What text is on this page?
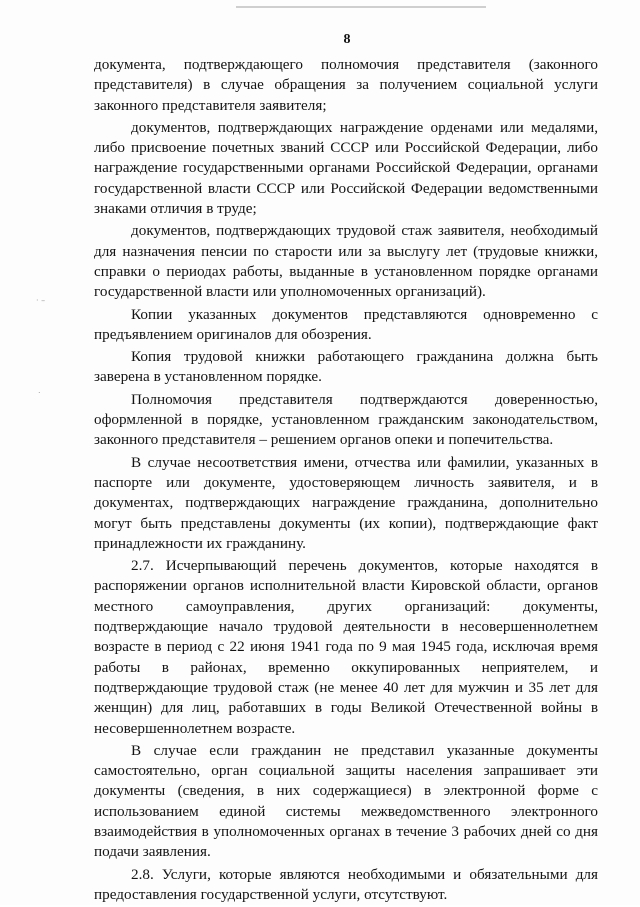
· –
.
8

документа, подтверждающего полномочия представителя (законного представителя) в случае обращения за получением социальной услуги законного представителя заявителя;

документов, подтверждающих награждение орденами или медалями, либо присвоение почетных званий СССР или Российской Федерации, либо награждение государственными органами Российской Федерации, органами государственной власти СССР или Российской Федерации ведомственными знаками отличия в труде;

документов, подтверждающих трудовой стаж заявителя, необходимый для назначения пенсии по старости или за выслугу лет (трудовые книжки, справки о периодах работы, выданные в установленном порядке органами государственной власти или уполномоченных организаций).

Копии указанных документов представляются одновременно с предъявлением оригиналов для обозрения.

Копия трудовой книжки работающего гражданина должна быть заверена в установленном порядке.

Полномочия представителя подтверждаются доверенностью, оформленной в порядке, установленном гражданским законодательством, законного представителя – решением органов опеки и попечительства.

В случае несоответствия имени, отчества или фамилии, указанных в паспорте или документе, удостоверяющем личность заявителя, и в документах, подтверждающих награждение гражданина, дополнительно могут быть представлены документы (их копии), подтверждающие факт принадлежности их гражданину.

2.7. Исчерпывающий перечень документов, которые находятся в распоряжении органов исполнительной власти Кировской области, органов местного самоуправления, других организаций: документы, подтверждающие начало трудовой деятельности в несовершеннолетнем возрасте в период с 22 июня 1941 года по 9 мая 1945 года, исключая время работы в районах, временно оккупированных неприятелем, и подтверждающие трудовой стаж (не менее 40 лет для мужчин и 35 лет для женщин) для лиц, работавших в годы Великой Отечественной войны в несовершеннолетнем возрасте.

В случае если гражданин не представил указанные документы самостоятельно, орган социальной защиты населения запрашивает эти документы (сведения, в них содержащиеся) в электронной форме с использованием единой системы межведомственного электронного взаимодействия в уполномоченных органах в течение 3 рабочих дней со дня подачи заявления.

2.8. Услуги, которые являются необходимыми и обязательными для предоставления государственной услуги, отсутствуют.
